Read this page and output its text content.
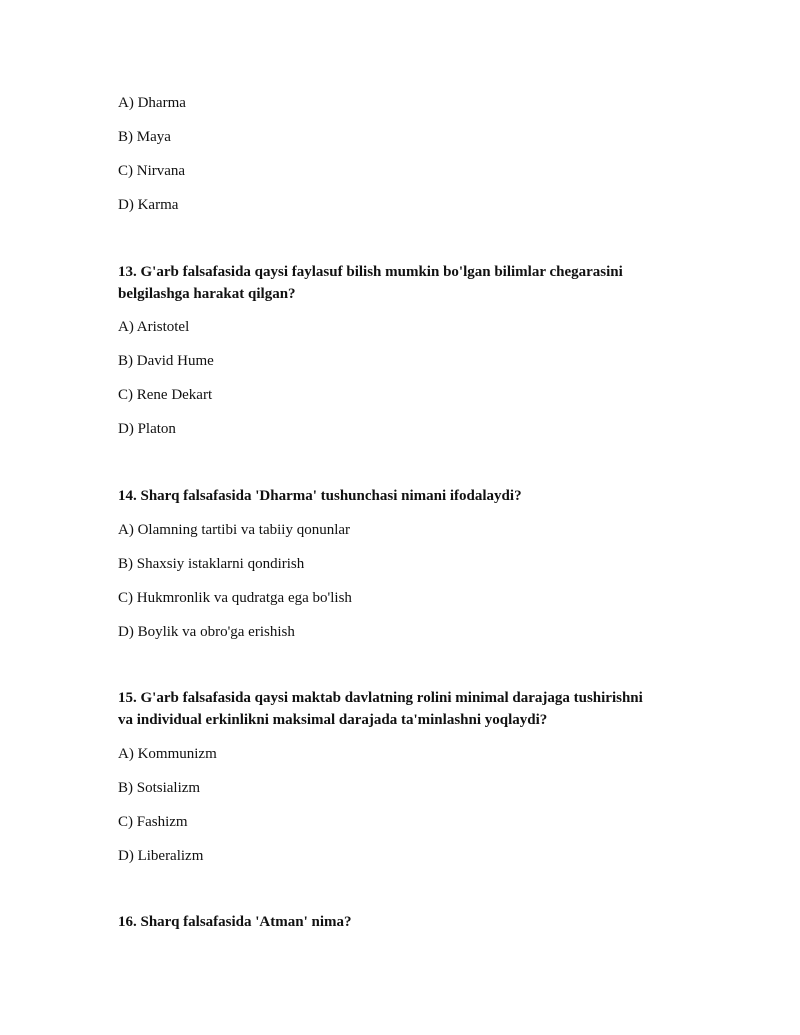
A) Dharma
B) Maya
C) Nirvana
D) Karma
13. G'arb falsafasida qaysi faylasuf bilish mumkin bo'lgan bilimlar chegarasini
belgilashga harakat qilgan?
A) Aristotel
B) David Hume
C) Rene Dekart
D) Platon
14. Sharq falsafasida 'Dharma' tushunchasi nimani ifodalaydi?
A) Olamning tartibi va tabiiy qonunlar
B) Shaxsiy istaklarni qondirish
C) Hukmronlik va qudratga ega bo'lish
D) Boylik va obro'ga erishish
15. G'arb falsafasida qaysi maktab davlatning rolini minimal darajaga tushirishni
va individual erkinlikni maksimal darajada ta'minlashni yoqlaydi?
A) Kommunizm
B) Sotsializm
C) Fashizm
D) Liberalizm
16. Sharq falsafasida 'Atman' nima?
